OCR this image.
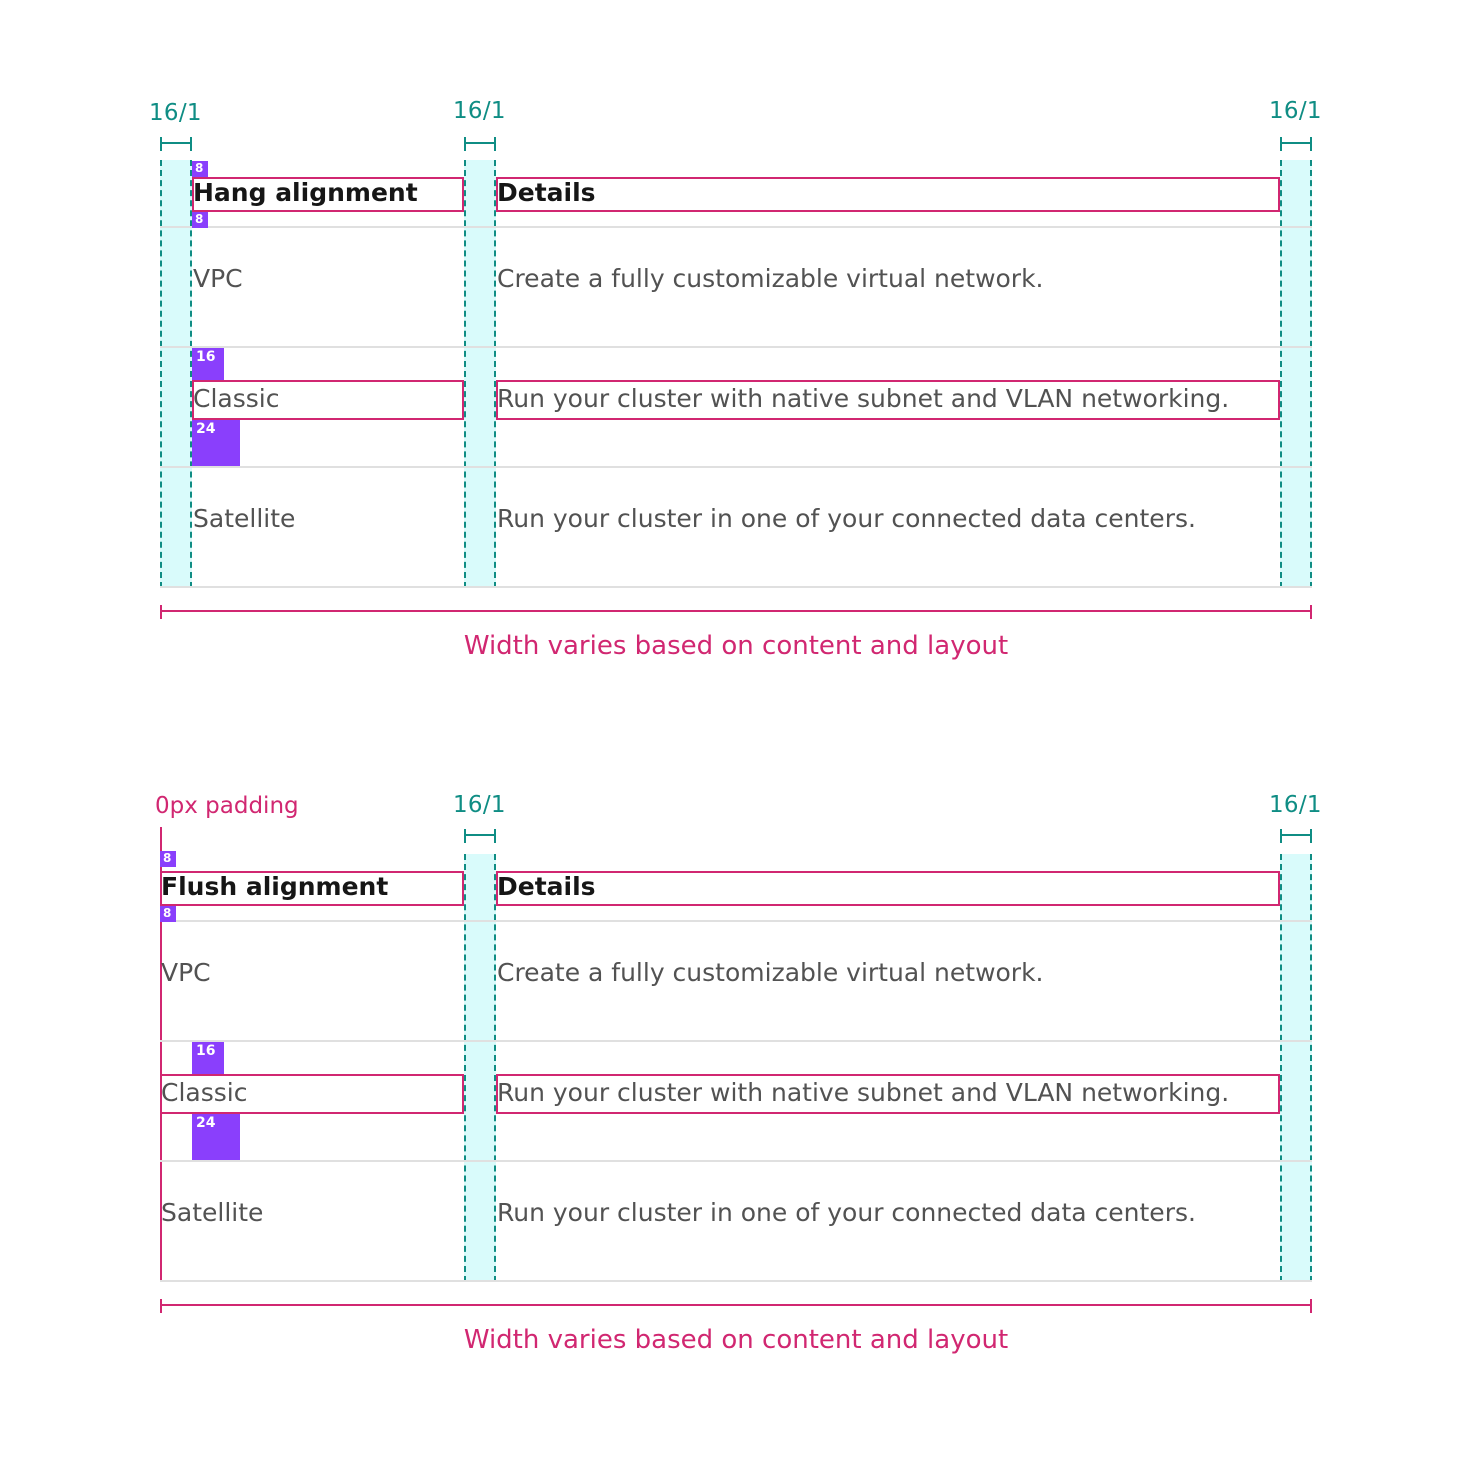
16/1	16/1	16/1
Hang alignment	Details
8
8
VPC	Create a fully customizable virtual network.
16
Classic	Run your cluster with native subnet and VLAN networking.
24
Satellite	Run your cluster in one of your connected data centers.
Width varies based on content and layout
0px padding	16/1	16/1
Flush alignment	Details
8
8
VPC	Create a fully customizable virtual network.
16
Classic	Run your cluster with native subnet and VLAN networking.
24
Satellite	Run your cluster in one of your connected data centers.
Width varies based on content and layout
